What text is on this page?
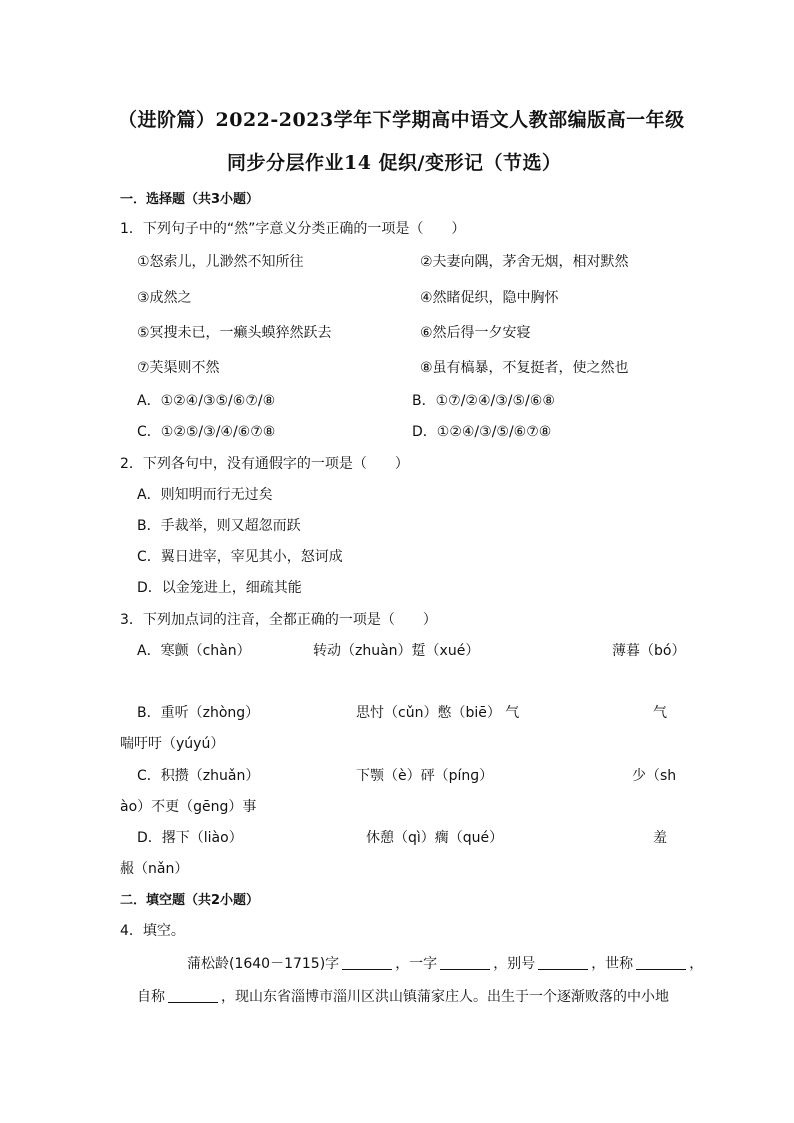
（进阶篇）2022-2023学年下学期高中语文人教部编版高一年级
同步分层作业14 促织/变形记（节选）
一．选择题（共3小题）
1．下列句子中的“然”字意义分类正确的一项是（　　）
①怒索儿，儿渺然不知所往	②夫妻向隅，茅舍无烟，相对默然
③成然之	④然睹促织，隐中胸怀
⑤冥搜未已，一癞头蟆猝然跃去	⑥然后得一夕安寝
⑦芙渠则不然	⑧虽有槁暴，不复挺者，使之然也
A．①②④/③⑤/⑥⑦/⑧	B．①⑦/②④/③/⑤/⑥⑧
C．①②⑤/③/④/⑥⑦⑧	D．①②④/③/⑤/⑥⑦⑧
2．下列各句中，没有通假字的一项是（　　）
A．则知明而行无过矣
B．手裁举，则又超忽而跃
C．翼日进宰，宰见其小，怒诃成
D．以金笼进上，细疏其能
3．下列加点词的注音，全都正确的一项是（　　）
A．寒颤（chàn）	转动（zhuàn）踅（xué）	薄暮（bó）
B．重听（zhòng）	思忖（cǔn）憋（biē） 气	气
喘吁吁（yúyú）
C．积攒（zhuǎn）	下颚（è）砰（pínɡ）	少（sh
ào）不更（gēng）事
D．撂下（liào）	休憩（qì）瘸（qué）	羞
赧（nǎn）
二．填空题（共2小题）
4．填空。
蒲松龄(1640－1715)字	，一字	，别号	，世称	，
自称	，现山东省淄博市淄川区洪山镇蒲家庄人。出生于一个逐渐败落的中小地
